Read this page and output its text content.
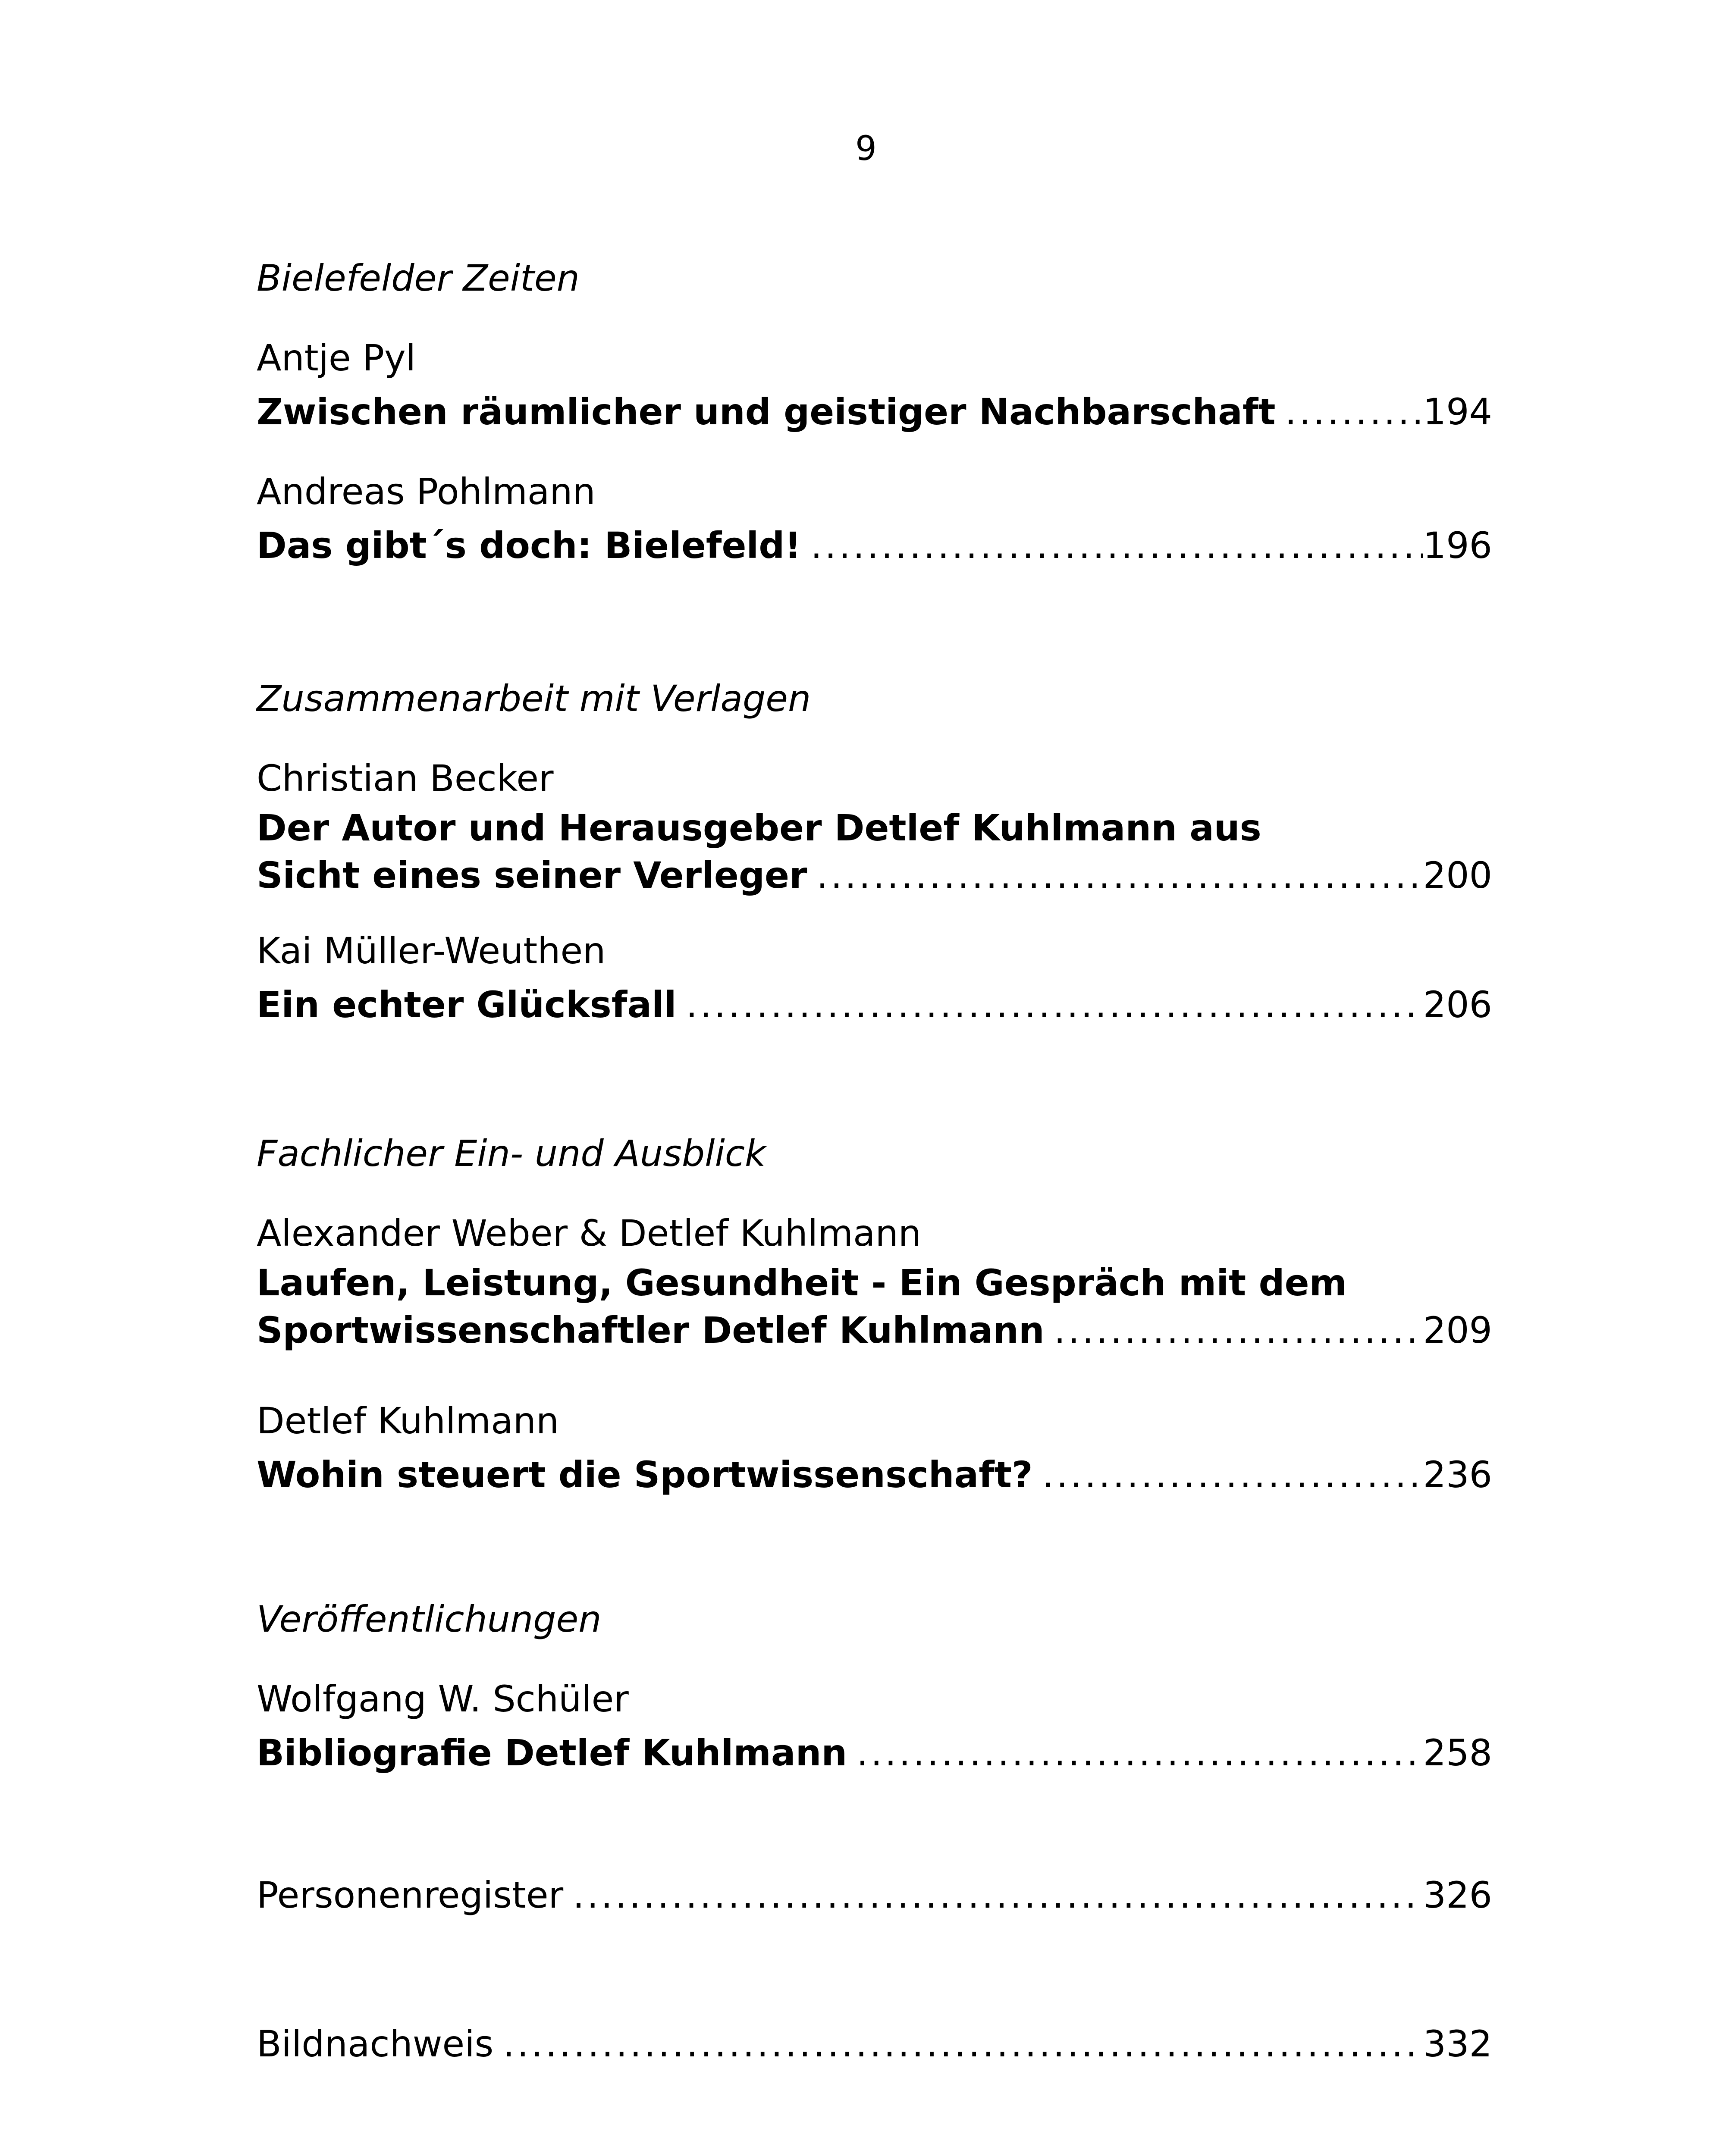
9
Bielefelder Zeiten
Antje Pyl
Zwischen räumlicher und geistiger Nachbarschaft .....	194
Andreas Pohlmann
Das gibt´s doch: Bielefeld! .....	196
Zusammenarbeit mit Verlagen
Christian Becker
Der Autor und Herausgeber Detlef Kuhlmann aus
Sicht eines seiner Verleger .....	200
Kai Müller-Weuthen
Ein echter Glücksfall .....	206
Fachlicher Ein- und Ausblick
Alexander Weber & Detlef Kuhlmann
Laufen, Leistung, Gesundheit - Ein Gespräch mit dem
Sportwissenschaftler Detlef Kuhlmann .....	209
Detlef Kuhlmann
Wohin steuert die Sportwissenschaft? .....	236
Veröffentlichungen
Wolfgang W. Schüler
Bibliografie Detlef Kuhlmann .....	258
Personenregister .....	326
Bildnachweis .....	332
